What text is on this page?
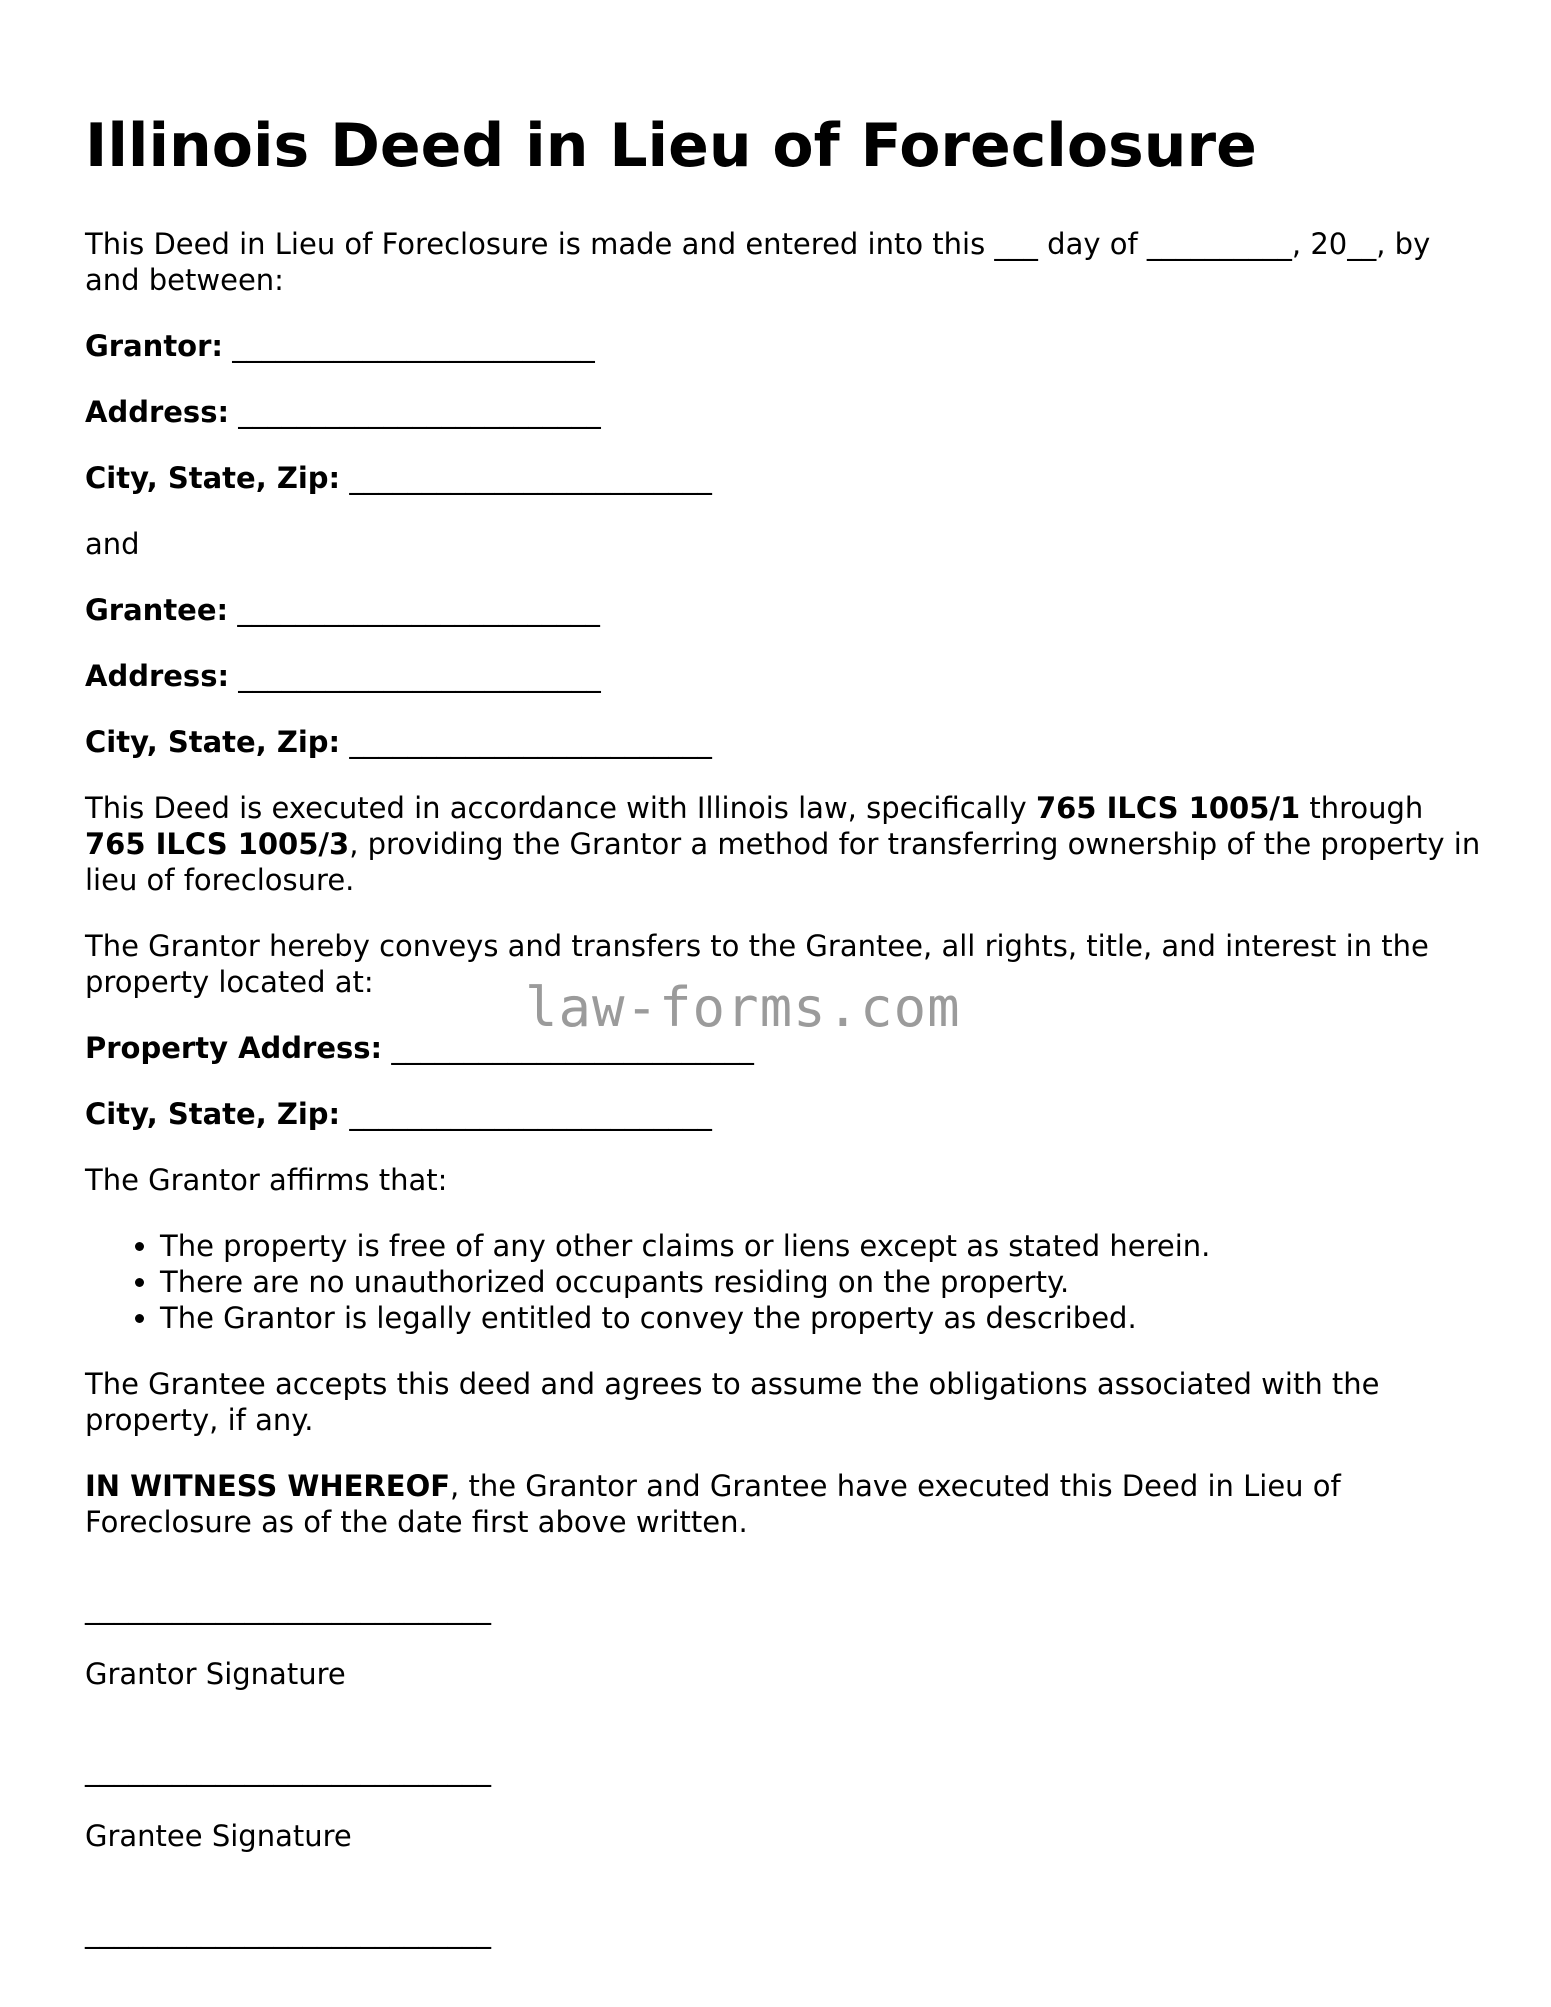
Illinois Deed in Lieu of Foreclosure

This Deed in Lieu of Foreclosure is made and entered into this ___ day of __________, 20__, by and between:

Grantor: _________________________
Address: _________________________
City, State, Zip: _________________________

and

Grantee: _________________________
Address: _________________________
City, State, Zip: _________________________

This Deed is executed in accordance with Illinois law, specifically 765 ILCS 1005/1 through 765 ILCS 1005/3, providing the Grantor a method for transferring ownership of the property in lieu of foreclosure.

The Grantor hereby conveys and transfers to the Grantee, all rights, title, and interest in the property located at:

Property Address: _________________________
City, State, Zip: _________________________

The Grantor affirms that:

• The property is free of any other claims or liens except as stated herein.
• There are no unauthorized occupants residing on the property.
• The Grantor is legally entitled to convey the property as described.

The Grantee accepts this deed and agrees to assume the obligations associated with the property, if any.

IN WITNESS WHEREOF, the Grantor and Grantee have executed this Deed in Lieu of Foreclosure as of the date first above written.

____________________________
Grantor Signature
____________________________
Grantee Signature
____________________________
law-forms.com
